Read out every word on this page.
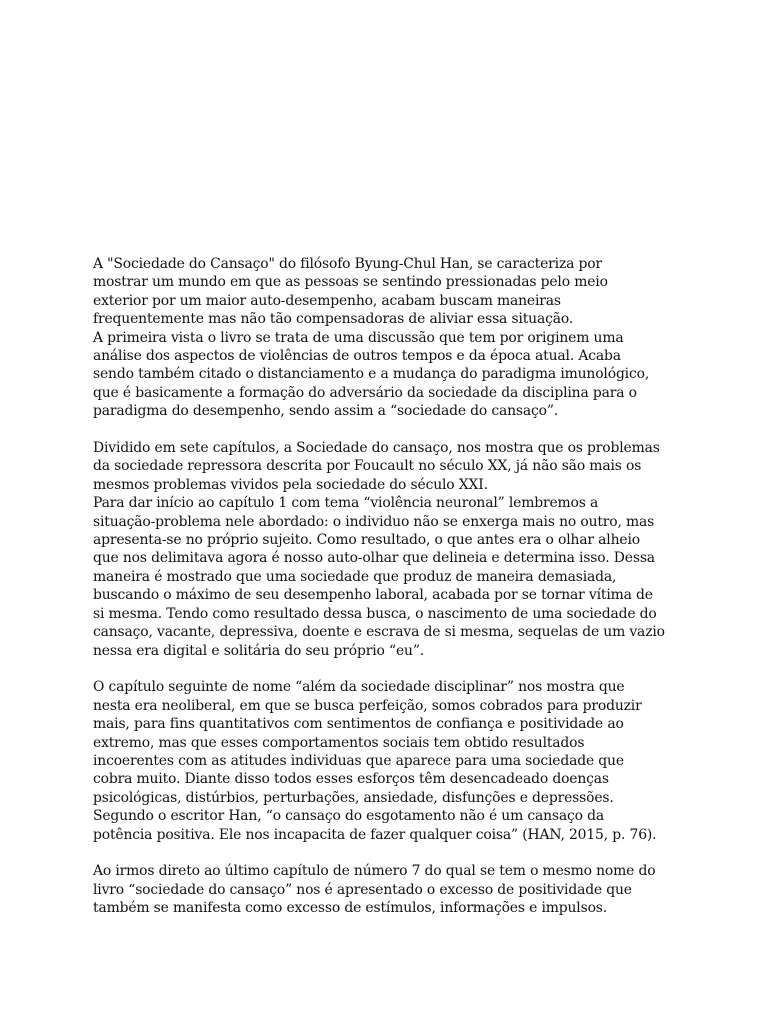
A "Sociedade do Cansaço" do filósofo Byung-Chul Han, se caracteriza por
mostrar um mundo em que as pessoas se sentindo pressionadas pelo meio
exterior por um maior auto-desempenho, acabam buscam maneiras
frequentemente mas não tão compensadoras de aliviar essa situação.
A primeira vista o livro se trata de uma discussão que tem por originem uma
análise dos aspectos de violências de outros tempos e da época atual. Acaba
sendo também citado o distanciamento e a mudança do paradigma imunológico,
que é basicamente a formação do adversário da sociedade da disciplina para o
paradigma do desempenho, sendo assim a “sociedade do cansaço”.

Dividido em sete capítulos, a Sociedade do cansaço, nos mostra que os problemas
da sociedade repressora descrita por Foucault no século XX, já não são mais os
mesmos problemas vividos pela sociedade do século XXI.
Para dar início ao capítulo 1 com tema “violência neuronal” lembremos a
situação-problema nele abordado: o individuo não se enxerga mais no outro, mas
apresenta-se no próprio sujeito. Como resultado, o que antes era o olhar alheio
que nos delimitava agora é nosso auto-olhar que delineia e determina isso. Dessa
maneira é mostrado que uma sociedade que produz de maneira demasiada,
buscando o máximo de seu desempenho laboral, acabada por se tornar vítima de
si mesma. Tendo como resultado dessa busca, o nascimento de uma sociedade do
cansaço, vacante, depressiva, doente e escrava de si mesma, sequelas de um vazio
nessa era digital e solitária do seu próprio “eu”.

O capítulo seguinte de nome “além da sociedade disciplinar” nos mostra que
nesta era neoliberal, em que se busca perfeição, somos cobrados para produzir
mais, para fins quantitativos com sentimentos de confiança e positividade ao
extremo, mas que esses comportamentos sociais tem obtido resultados
incoerentes com as atitudes individuas que aparece para uma sociedade que
cobra muito. Diante disso todos esses esforços têm desencadeado doenças
psicológicas, distúrbios, perturbações, ansiedade, disfunções e depressões.
Segundo o escritor Han, “o cansaço do esgotamento não é um cansaço da
potência positiva. Ele nos incapacita de fazer qualquer coisa” (HAN, 2015, p. 76).

Ao irmos direto ao último capítulo de número 7 do qual se tem o mesmo nome do
livro “sociedade do cansaço” nos é apresentado o excesso de positividade que
também se manifesta como excesso de estímulos, informações e impulsos.
